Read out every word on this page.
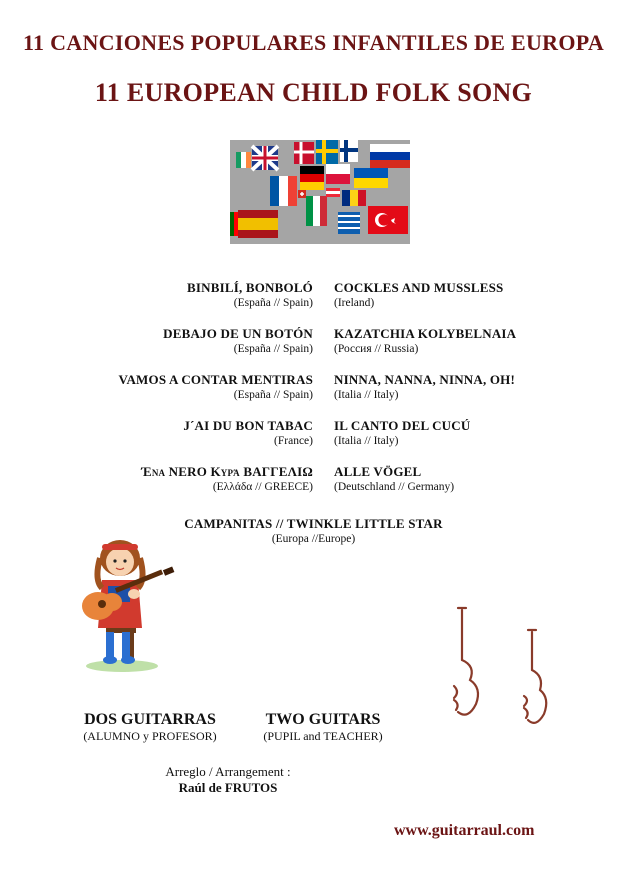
11 CANCIONES POPULARES INFANTILES DE EUROPA
11 EUROPEAN CHILD FOLK SONG
BINBILÍ, BONBOLÓ
(España // Spain)
DEBAJO DE UN BOTÓN
(España // Spain)
VAMOS A CONTAR MENTIRAS
(España // Spain)
J´AI DU BON TABAC
(France)
Ένα ΝΕRΟ Κυρά ΒΑΓΓΕΛΙΩ
(Ελλάδα // GREECE)
COCKLES AND MUSSLESS
(Ireland)
KAZATCHIA KOLYBELNAIA
(Россия // Russia)
NINNA, NANNA, NINNA, OH!
(Italia // Italy)
IL CANTO DEL CUCÚ
(Italia // Italy)
ALLE VÖGEL
(Deutschland // Germany)
CAMPANITAS // TWINKLE LITTLE STAR
(Europa //Europe)
DOS GUITARRAS
(ALUMNO y PROFESOR)
TWO GUITARS
(PUPIL and TEACHER)
Arreglo / Arrangement :
Raúl de FRUTOS
www.guitarraul.com
